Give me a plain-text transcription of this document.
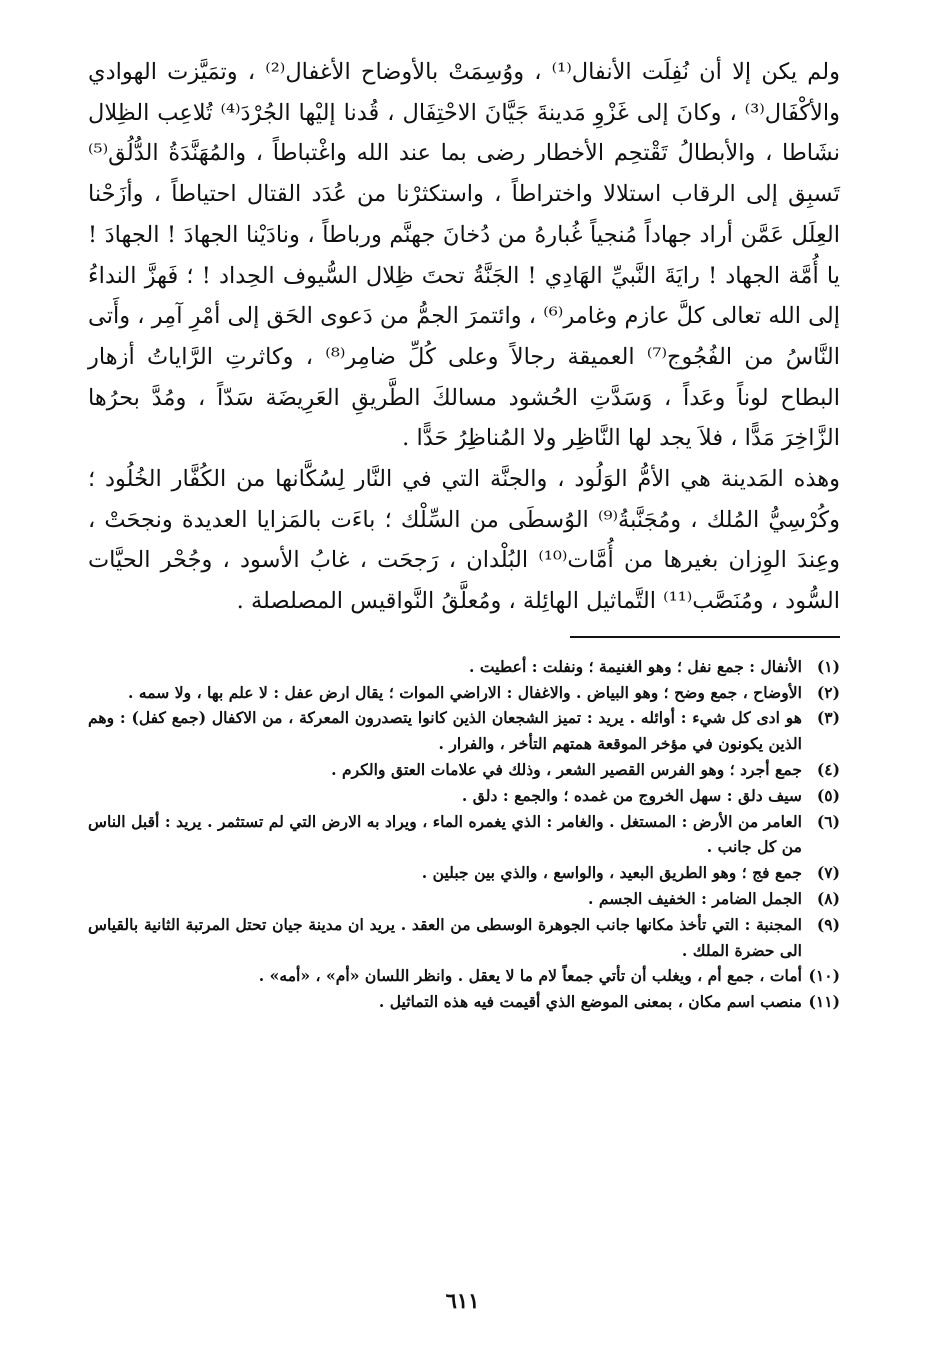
ولم يكن إلا أن نُفِلَت الأنفال⁽¹⁾ ، ووُسِمَتْ بالأوضاح الأغفال⁽²⁾ ، وتمَيَّزت الهوادي والأكْفَال⁽³⁾ ، وكانَ إلى غَزْوِ مَدينةَ جَيَّانَ الاحْتِفَال ، قُدنا إليْها الجُرْدَ⁽⁴⁾ تُلاعِب الظِلال نشَاطا ، والأبطالُ تَقْتحِم الأخطار رضى بما عند الله واغْتباطاً ، والمُهَنَّدَةُ الدُّلُق⁽⁵⁾ تَسبِق إلى الرقاب استلالا واختراطاً ، واستكثرْنا من عُدَد القتال احتياطاً ، وأزَحْنا العِلَل عَمَّن أراد جهاداً مُنجياً غُبارهُ من دُخانَ جهنَّم ورباطاً ، ونادَيْنا الجهادَ ! الجهادَ ! يا أُمَّة الجهاد ! رايَةَ النَّبيِّ الهَادِي ! الجَنَّةُ تحتَ ظِلال السُّيوف الحِداد ! ؛ فَهزَّ النداءُ إلى الله تعالى كلَّ عازم وغامر⁽⁶⁾ ، وائتمرَ الجمُّ من دَعوى الحَق إلى أمْرِ آمِر ، وأَتى النَّاسُ من الفُجُوج⁽⁷⁾ العميقة رجالاً وعلى كُلِّ ضامِر⁽⁸⁾ ، وكاثرتِ الرَّاياتُ أزهار البطاح لوناً وعَداً ، وَسَدَّتِ الحُشود مسالكَ الطَّريقِ العَرِيضَة سَدّاً ، ومُدَّ بحرُها الزَّاخِرَ مَدًّا ، فلاَ يجد لها النَّاظِر ولا المُناظِرُ حَدًّا .

وهذه المَدينة هي الأمُّ الوَلُود ، والجنَّة التي في النَّار لِسُكَّانها من الكُفَّار الخُلُود ؛ وكُرْسِيُّ المُلك ، ومُجَنَّبةُ⁽⁹⁾ الوُسطَى من السِّلْك ؛ باءَت بالمَزايا العديدة ونجحَتْ ، وعِندَ الوِزان بغيرها من أُمَّات⁽¹⁰⁾ البُلْدان ، رَجحَت ، غابُ الأسود ، وجُحْر الحيَّات السُّود ، ومُنَصَّب⁽¹¹⁾ التَّماثيل الهائِلة ، ومُعلَّقُ النَّواقيس المصلصلة .

(١)
الأنفال : جمع نفل ؛ وهو الغنيمة ؛ ونفلت : أعطيت .
(٢)
الأوضاح ، جمع وضح ؛ وهو البياض . والاغفال : الاراضي الموات ؛ يقال ارض عفل : لا علم بها ، ولا سمه .
(٣)
هو ادى كل شيء : أوائله . يريد : تميز الشجعان الذين كانوا يتصدرون المعركة ، من الاكفال (جمع كفل) : وهم الذين يكونون في مؤخر الموقعة همتهم التأخر ، والفرار .
(٤)
جمع أجرد ؛ وهو الفرس القصير الشعر ، وذلك في علامات العتق والكرم .
(٥)
سيف دلق : سهل الخروج من غمده ؛ والجمع : دلق .
(٦)
العامر من الأرض : المستغل . والغامر : الذي يغمره الماء ، ويراد به الارض التي لم تستثمر . يريد : أقبل الناس من كل جانب .
(٧)
جمع فج ؛ وهو الطريق البعيد ، والواسع ، والذي بين جبلين .
(٨)
الجمل الضامر : الخفيف الجسم .
(٩)
المجنبة : التي تأخذ مكانها جانب الجوهرة الوسطى من العقد . يريد ان مدينة جيان تحتل المرتبة الثانية بالقياس الى حضرة الملك .
(١٠)
أمات ، جمع أم ، ويغلب أن تأتي جمعاً لام ما لا يعقل . وانظر اللسان «أم» ، «أمه» .
(١١)
منصب اسم مكان ، بمعنى الموضع الذي أقيمت فيه هذه التماثيل .
٦١١
